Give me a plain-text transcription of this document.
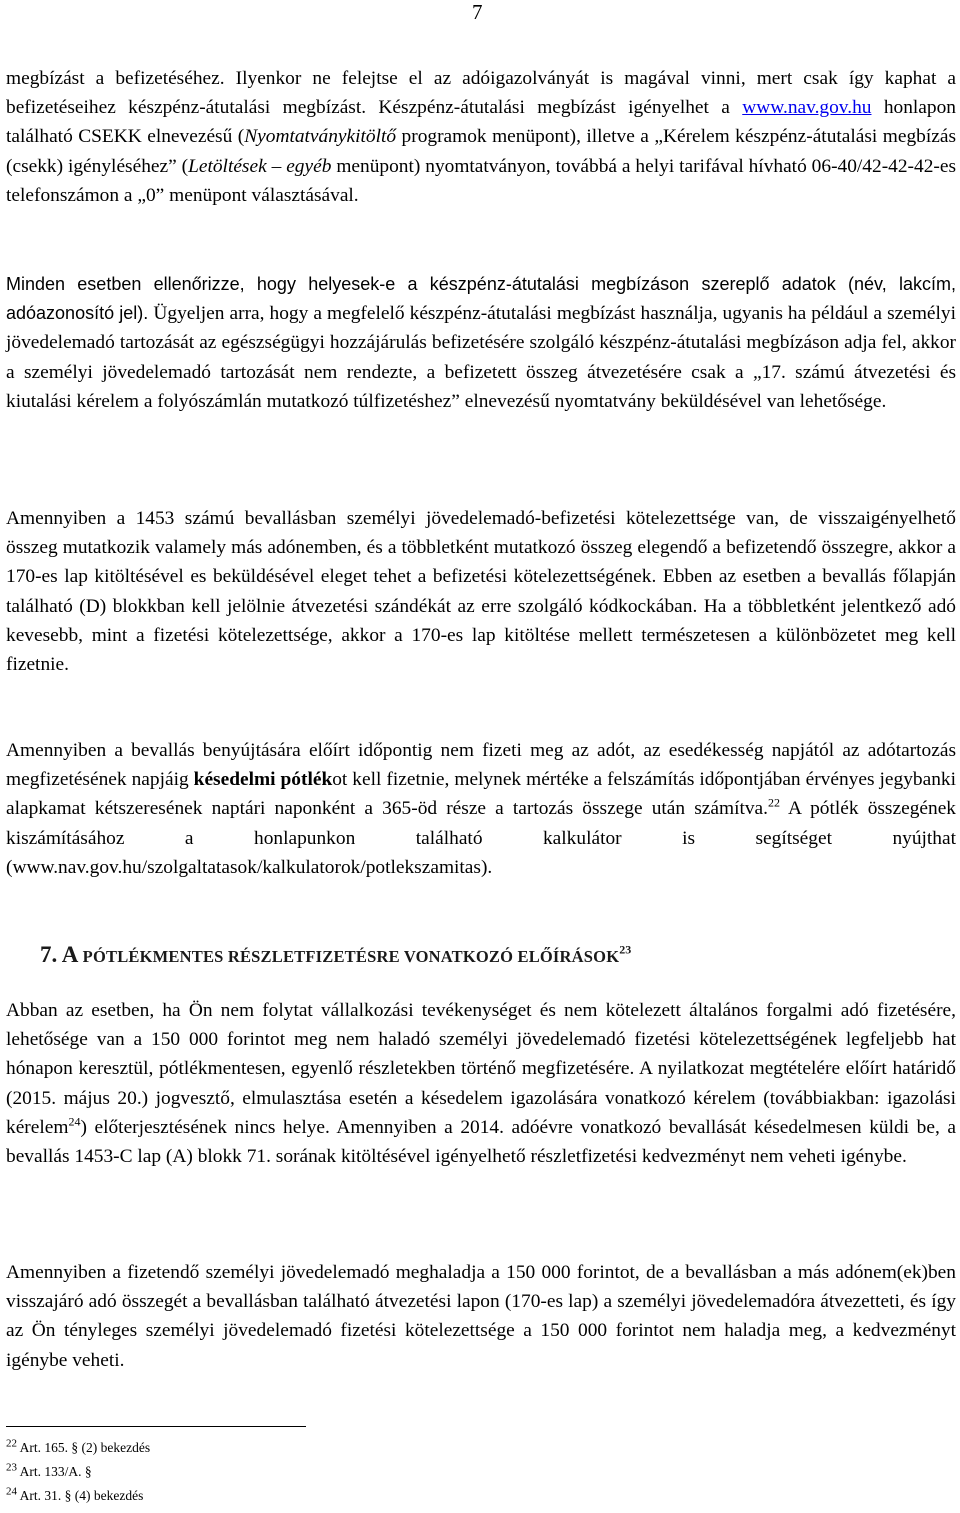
7

megbízást a befizetéséhez. Ilyenkor ne felejtse el az adóigazolványát is magával vinni, mert csak így kaphat a befizetéseihez készpénz-átutalási megbízást. Készpénz-átutalási megbízást igényelhet a www.nav.gov.hu honlapon található CSEKK elnevezésű (Nyomtatványkitöltő programok menüpont), illetve a „Kérelem készpénz-átutalási megbízás (csekk) igényléséhez” (Letöltések – egyéb menüpont) nyomtatványon, továbbá a helyi tarifával hívható 06-40/42-42-42-es telefonszámon a „0” menüpont választásával.

Minden esetben ellenőrizze, hogy helyesek-e a készpénz-átutalási megbízáson szereplő adatok (név, lakcím, adóazonosító jel). Ügyeljen arra, hogy a megfelelő készpénz-átutalási megbízást használja, ugyanis ha például a személyi jövedelemadó tartozását az egészségügyi hozzájárulás befizetésére szolgáló készpénz-átutalási megbízáson adja fel, akkor a személyi jövedelemadó tartozását nem rendezte, a befizetett összeg átvezetésére csak a „17. számú átvezetési és kiutalási kérelem a folyószámlán mutatkozó túlfizetéshez” elnevezésű nyomtatvány beküldésével van lehetősége.

Amennyiben a 1453 számú bevallásban személyi jövedelemadó-befizetési kötelezettsége van, de visszaigényelhető összeg mutatkozik valamely más adónemben, és a többletként mutatkozó összeg elegendő a befizetendő összegre, akkor a 170-es lap kitöltésével es beküldésével eleget tehet a befizetési kötelezettségének. Ebben az esetben a bevallás főlapján található (D) blokkban kell jelölnie átvezetési szándékát az erre szolgáló kódkockában. Ha a többletként jelentkező adó kevesebb, mint a fizetési kötelezettsége, akkor a 170-es lap kitöltése mellett természetesen a különbözetet meg kell fizetnie.

Amennyiben a bevallás benyújtására előírt időpontig nem fizeti meg az adót, az esedékesség napjától az adótartozás megfizetésének napjáig késedelmi pótlékot kell fizetnie, melynek mértéke a felszámítás időpontjában érvényes jegybanki alapkamat kétszeresének naptári naponként a 365-öd része a tartozás összege után számítva.$^{22}$ A pótlék összegének kiszámításához a honlapunkon található kalkulátor is segítséget nyújthat (www.nav.gov.hu/szolgaltatasok/kalkulatorok/potlekszamitas).

7. A PÓTLÉKMENTES RÉSZLETFIZETÉSRE VONATKOZÓ ELŐÍRÁSOK$^{23}$

Abban az esetben, ha Ön nem folytat vállalkozási tevékenységet és nem kötelezett általános forgalmi adó fizetésére, lehetősége van a 150 000 forintot meg nem haladó személyi jövedelemadó fizetési kötelezettségének legfeljebb hat hónapon keresztül, pótlékmentesen, egyenlő részletekben történő megfizetésére. A nyilatkozat megtételére előírt határidő (2015. május 20.) jogvesztő, elmulasztása esetén a késedelem igazolására vonatkozó kérelem (továbbiakban: igazolási kérelem$^{24}$) előterjesztésének nincs helye. Amennyiben a 2014. adóévre vonatkozó bevallását késedelmesen küldi be, a bevallás 1453-C lap (A) blokk 71. sorának kitöltésével igényelhető részletfizetési kedvezményt nem veheti igénybe.

Amennyiben a fizetendő személyi jövedelemadó meghaladja a 150 000 forintot, de a bevallásban a más adónem(ek)ben visszajáró adó összegét a bevallásban található átvezetési lapon (170-es lap) a személyi jövedelemadóra átvezetteti, és így az Ön tényleges személyi jövedelemadó fizetési kötelezettsége a 150 000 forintot nem haladja meg, a kedvezményt igénybe veheti.

$^{22}$ Art. 165. § (2) bekezdés
$^{23}$ Art. 133/A. §
$^{24}$ Art. 31. § (4) bekezdés
